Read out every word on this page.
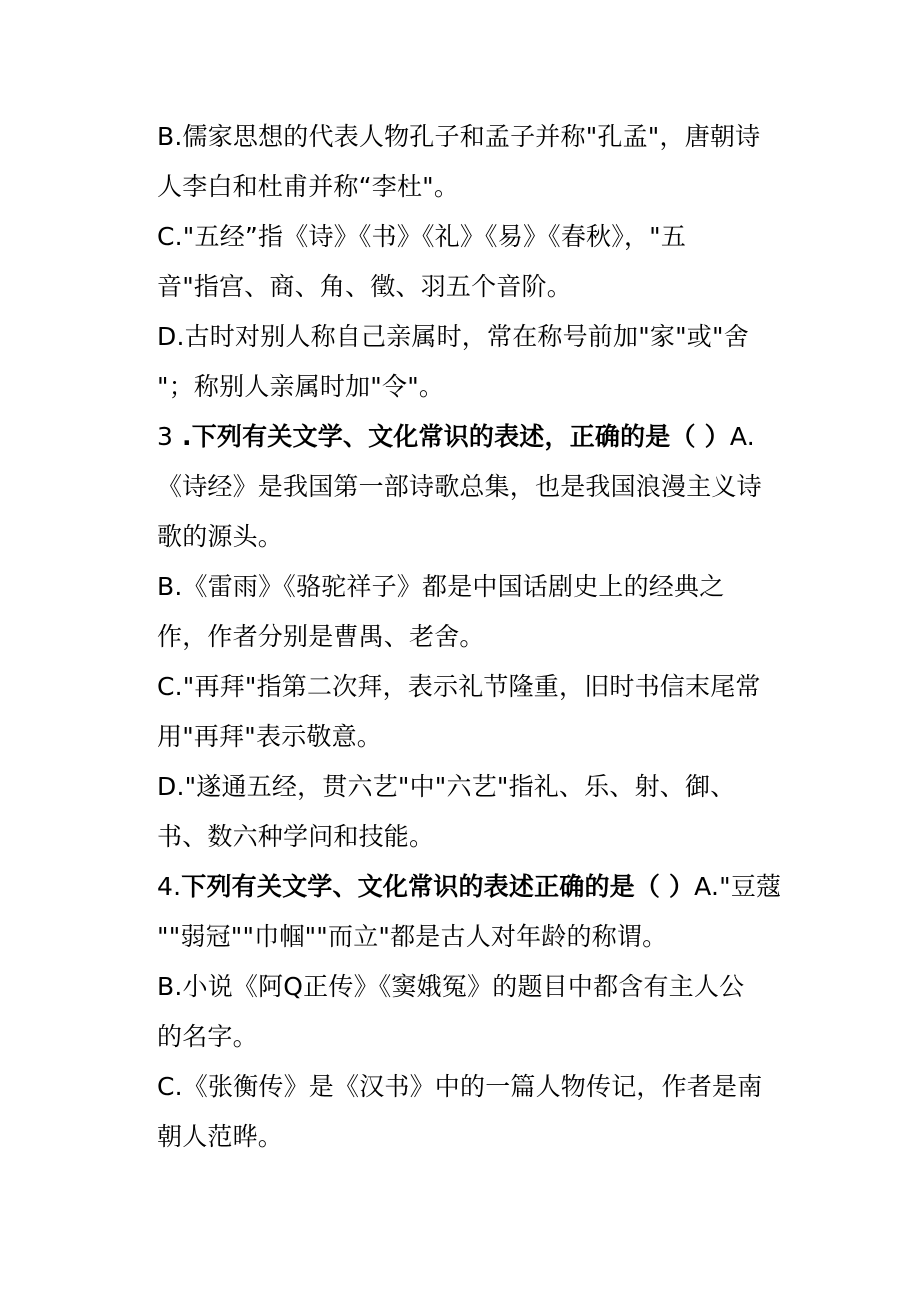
B.儒家思想的代表人物孔子和孟子并称"孔孟"，唐朝诗
人李白和杜甫并称“李杜"。
C."五经”指《诗》《书》《礼》《易》《春秋》，"五
音"指宫、商、角、徵、羽五个音阶。
D.古时对别人称自己亲属时，常在称号前加"家"或"舍
"；称别人亲属时加"令"。
3 .下列有关文学、文化常识的表述，正确的是（ ）A.
《诗经》是我国第一部诗歌总集，也是我国浪漫主义诗
歌的源头。
B.《雷雨》《骆驼祥子》都是中国话剧史上的经典之
作，作者分别是曹禺、老舍。
C."再拜"指第二次拜，表示礼节隆重，旧时书信末尾常
用"再拜"表示敬意。
D."遂通五经，贯六艺"中"六艺"指礼、乐、射、御、
书、数六种学问和技能。
4.下列有关文学、文化常识的表述正确的是（ ）A."豆蔻
""弱冠""巾帼""而立"都是古人对年龄的称谓。
B.小说《阿Q正传》《窦娥冤》的题目中都含有主人公
的名字。
C.《张衡传》是《汉书》中的一篇人物传记，作者是南
朝人范晔。
